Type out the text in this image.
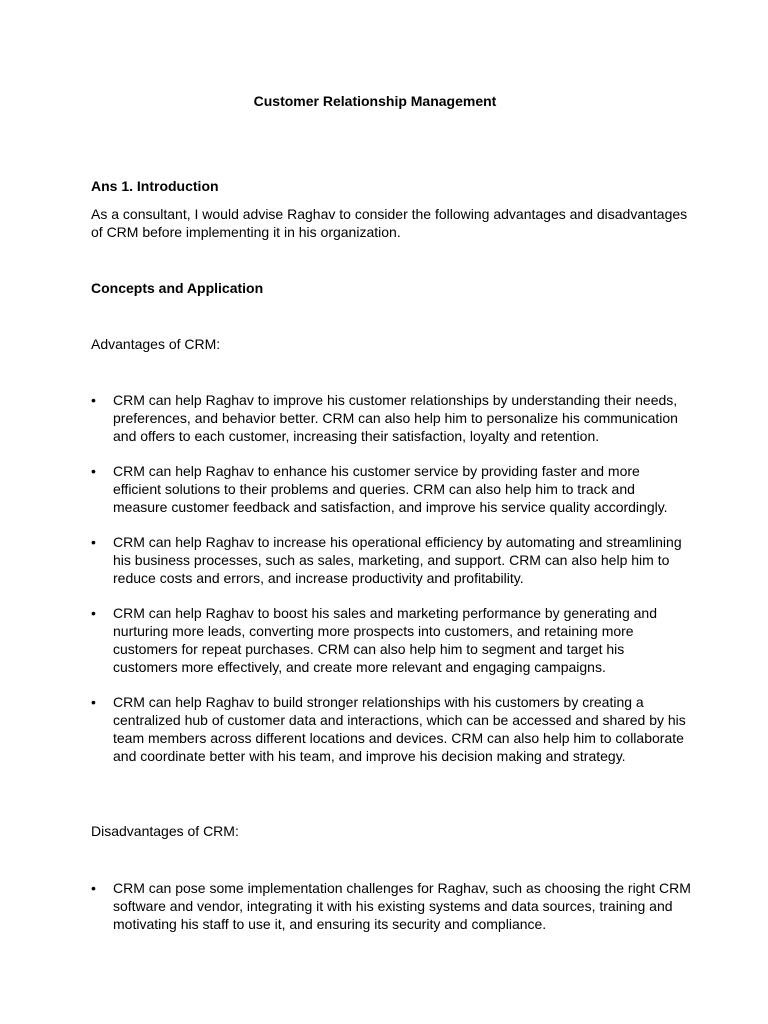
Customer Relationship Management
Ans 1. Introduction

As a consultant, I would advise Raghav to consider the following advantages and disadvantages of CRM before implementing it in his organization.

Concepts and Application

Advantages of CRM:

•	CRM can help Raghav to improve his customer relationships by understanding their needs, preferences, and behavior better. CRM can also help him to personalize his communication and offers to each customer, increasing their satisfaction, loyalty and retention.
•	CRM can help Raghav to enhance his customer service by providing faster and more efficient solutions to their problems and queries. CRM can also help him to track and measure customer feedback and satisfaction, and improve his service quality accordingly.
•	CRM can help Raghav to increase his operational efficiency by automating and streamlining his business processes, such as sales, marketing, and support. CRM can also help him to reduce costs and errors, and increase productivity and profitability.
•	CRM can help Raghav to boost his sales and marketing performance by generating and nurturing more leads, converting more prospects into customers, and retaining more customers for repeat purchases. CRM can also help him to segment and target his customers more effectively, and create more relevant and engaging campaigns.
•	CRM can help Raghav to build stronger relationships with his customers by creating a centralized hub of customer data and interactions, which can be accessed and shared by his team members across different locations and devices. CRM can also help him to collaborate and coordinate better with his team, and improve his decision making and strategy.

Disadvantages of CRM:

•	CRM can pose some implementation challenges for Raghav, such as choosing the right CRM software and vendor, integrating it with his existing systems and data sources, training and motivating his staff to use it, and ensuring its security and compliance.
